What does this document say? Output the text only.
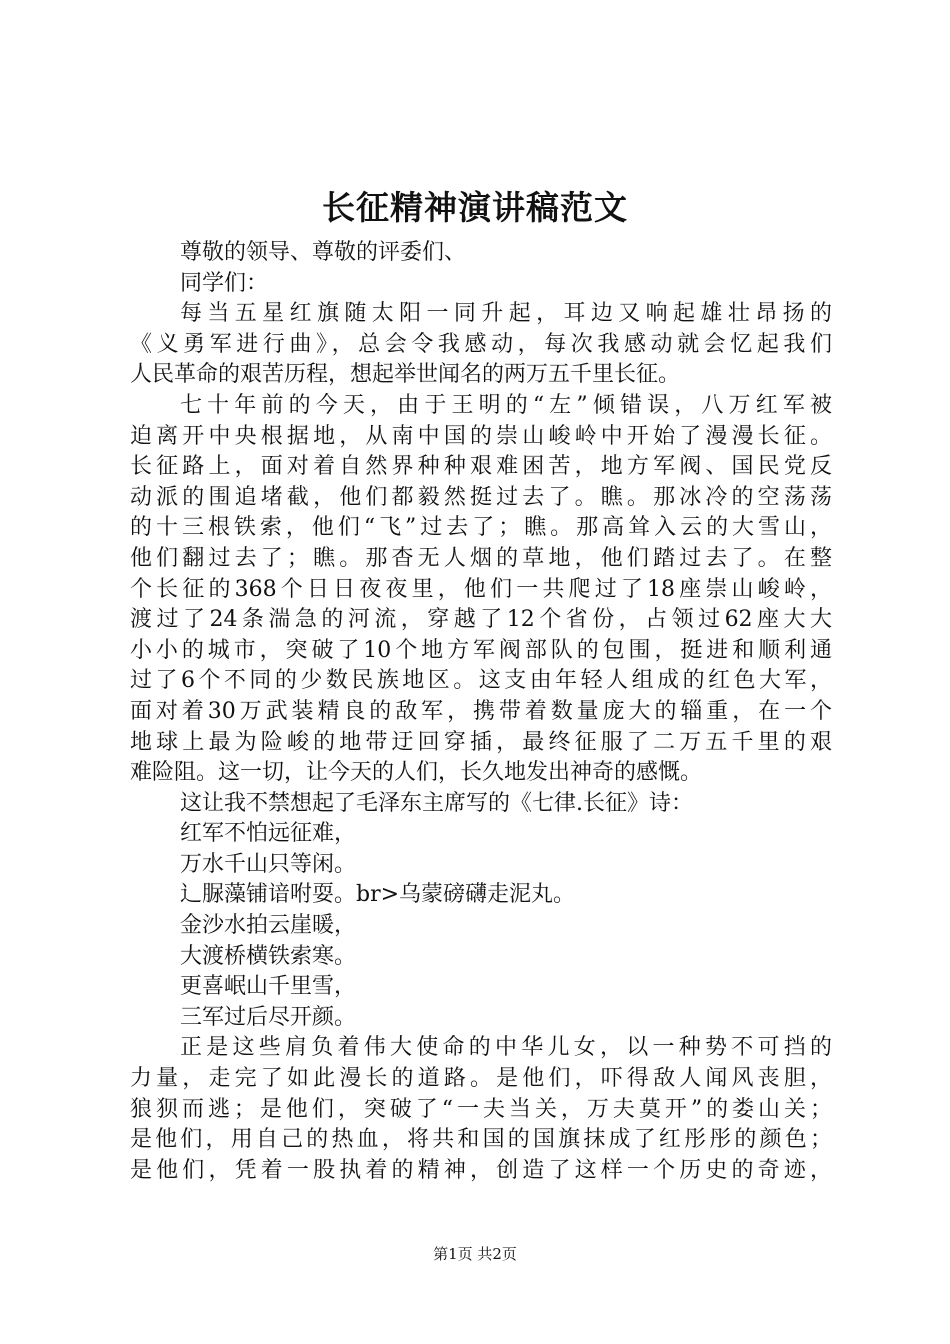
长征精神演讲稿范文
尊敬的领导、尊敬的评委们、
同学们：
每当五星红旗随太阳一同升起，耳边又响起雄壮昂扬的
《义勇军进行曲》，总会令我感动，每次我感动就会忆起我们
人民革命的艰苦历程，想起举世闻名的两万五千里长征。
七十年前的今天，由于王明的“左”倾错误，八万红军被
迫离开中央根据地，从南中国的崇山峻岭中开始了漫漫长征。
长征路上，面对着自然界种种艰难困苦，地方军阀、国民党反
动派的围追堵截，他们都毅然挺过去了。瞧。那冰冷的空荡荡
的十三根铁索，他们“飞”过去了；瞧。那高耸入云的大雪山，
他们翻过去了；瞧。那杳无人烟的草地，他们踏过去了。在整
个长征的368个日日夜夜里，他们一共爬过了18座崇山峻岭，
渡过了24条湍急的河流，穿越了12个省份，占领过62座大大
小小的城市，突破了10个地方军阀部队的包围，挺进和顺利通
过了6个不同的少数民族地区。这支由年轻人组成的红色大军，
面对着30万武装精良的敌军，携带着数量庞大的辎重，在一个
地球上最为险峻的地带迂回穿插，最终征服了二万五千里的艰
难险阻。这一切，让今天的人们，长久地发出神奇的感慨。
这让我不禁想起了毛泽东主席写的《七律.长征》诗：
红军不怕远征难，
万水千山只等闲。
辶脲藻铺谙咐耍。br>乌蒙磅礴走泥丸。
金沙水拍云崖暖，
大渡桥横铁索寒。
更喜岷山千里雪，
三军过后尽开颜。
正是这些肩负着伟大使命的中华儿女，以一种势不可挡的
力量，走完了如此漫长的道路。是他们，吓得敌人闻风丧胆，
狼狈而逃；是他们，突破了“一夫当关，万夫莫开”的娄山关；
是他们，用自己的热血，将共和国的国旗抹成了红彤彤的颜色；
是他们，凭着一股执着的精神，创造了这样一个历史的奇迹，
第1页 共2页
